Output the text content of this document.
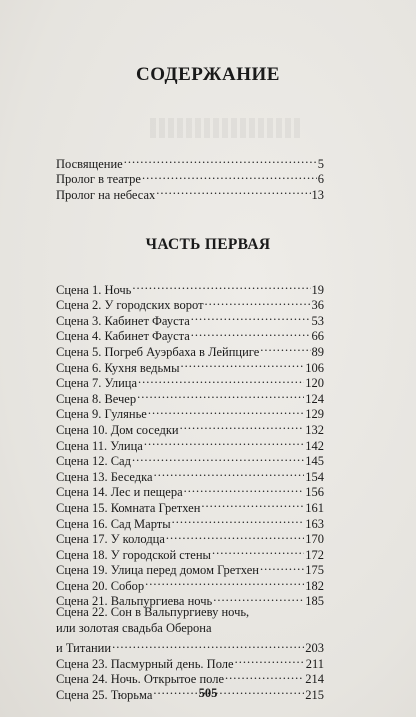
СОДЕРЖАНИЕ
Посвящение .....	5
Пролог в театре .....	6
Пролог на небесах .....	13
ЧАСТЬ ПЕРВАЯ
Сцена 1. Ночь .....	19
Сцена 2. У городских ворот .....	36
Сцена 3. Кабинет Фауста .....	53
Сцена 4. Кабинет Фауста .....	66
Сцена 5. Погреб Ауэрбаха в Лейпциге .....	89
Сцена 6. Кухня ведьмы .....	106
Сцена 7. Улица .....	120
Сцена 8. Вечер .....	124
Сцена 9. Гулянье .....	129
Сцена 10. Дом соседки .....	132
Сцена 11. Улица .....	142
Сцена 12. Сад .....	145
Сцена 13. Беседка .....	154
Сцена 14. Лес и пещера .....	156
Сцена 15. Комната Гретхен .....	161
Сцена 16. Сад Марты .....	163
Сцена 17. У колодца .....	170
Сцена 18. У городской стены .....	172
Сцена 19. Улица перед домом Гретхен .....	175
Сцена 20. Собор .....	182
Сцена 21. Вальпургиева ночь .....	185
Сцена 22. Сон в Вальпургиеву ночь,
или золотая свадьба Оберона
и Титании .....	203
Сцена 23. Пасмурный день. Поле .....	211
Сцена 24. Ночь. Открытое поле .....	214
Сцена 25. Тюрьма .....	215
505
